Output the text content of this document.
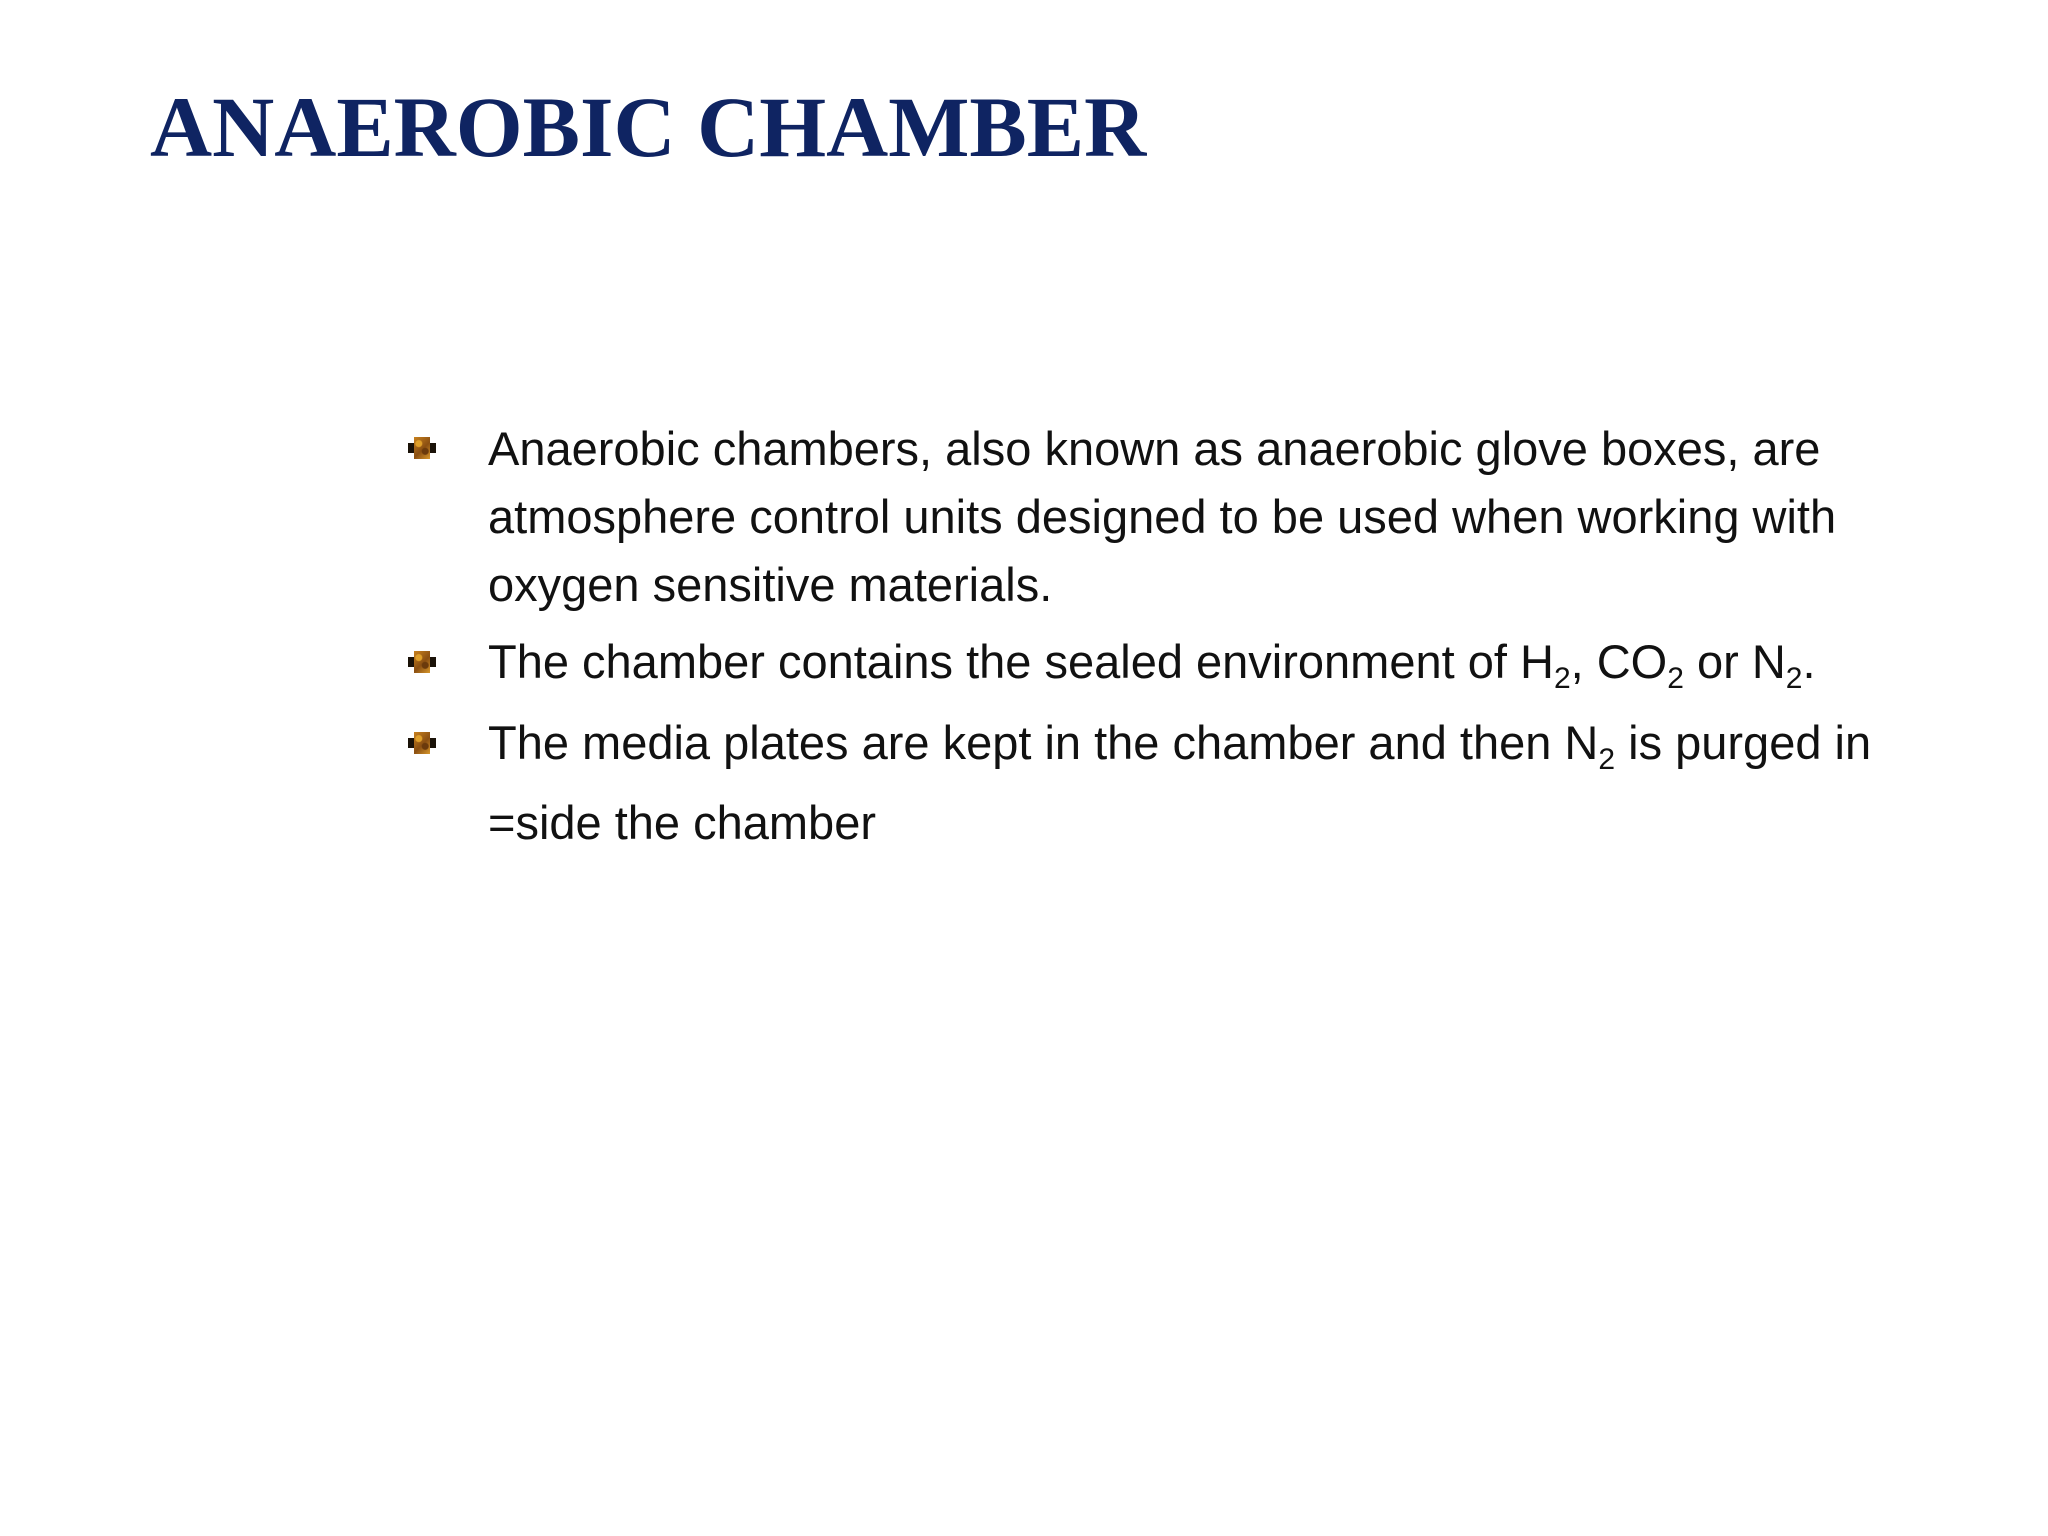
ANAEROBIC CHAMBER
Anaerobic chambers, also known as anaerobic glove boxes, are atmosphere control units designed to be used when working with oxygen sensitive materials.
The chamber contains the sealed environment of $H_2$, $CO_2$ or $N_2$.
The media plates are kept in the chamber and then $N_2$ is purged in =side the chamber
